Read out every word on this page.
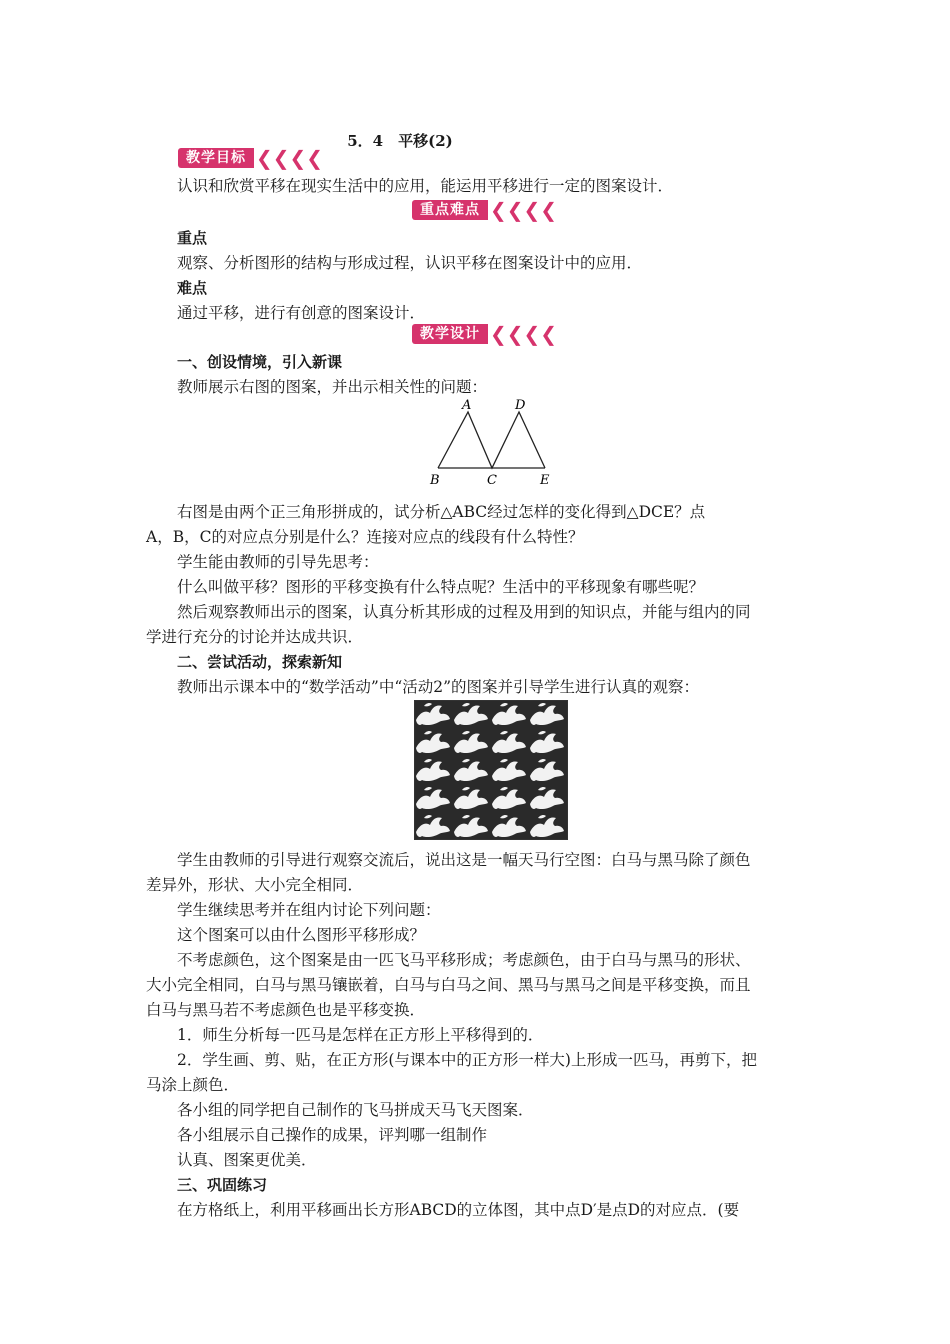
5．4　平移(2)
教学目标 ❮❮❮❮
认识和欣赏平移在现实生活中的应用，能运用平移进行一定的图案设计．
重点难点 ❮❮❮❮
重点
观察、分析图形的结构与形成过程，认识平移在图案设计中的应用．
难点
通过平移，进行有创意的图案设计．
教学设计 ❮❮❮❮
一、创设情境，引入新课
教师展示右图的图案，并出示相关性的问题：
A	D
B	C	E
右图是由两个正三角形拼成的，试分析△ABC经过怎样的变化得到△DCE？点
A，B，C的对应点分别是什么？连接对应点的线段有什么特性？
学生能由教师的引导先思考：
什么叫做平移？图形的平移变换有什么特点呢？生活中的平移现象有哪些呢？
然后观察教师出示的图案，认真分析其形成的过程及用到的知识点，并能与组内的同
学进行充分的讨论并达成共识．
二、尝试活动，探索新知
教师出示课本中的“数学活动”中“活动2”的图案并引导学生进行认真的观察：
学生由教师的引导进行观察交流后，说出这是一幅天马行空图：白马与黑马除了颜色
差异外，形状、大小完全相同．
学生继续思考并在组内讨论下列问题：
这个图案可以由什么图形平移形成？
不考虑颜色，这个图案是由一匹飞马平移形成；考虑颜色，由于白马与黑马的形状、
大小完全相同，白马与黑马镶嵌着，白马与白马之间、黑马与黑马之间是平移变换，而且
白马与黑马若不考虑颜色也是平移变换．
1．师生分析每一匹马是怎样在正方形上平移得到的．
2．学生画、剪、贴，在正方形(与课本中的正方形一样大)上形成一匹马，再剪下，把
马涂上颜色．
各小组的同学把自己制作的飞马拼成天马飞天图案．
各小组展示自己操作的成果，评判哪一组制作
认真、图案更优美．
三、巩固练习
在方格纸上，利用平移画出长方形ABCD的立体图，其中点D′是点D的对应点．(要
